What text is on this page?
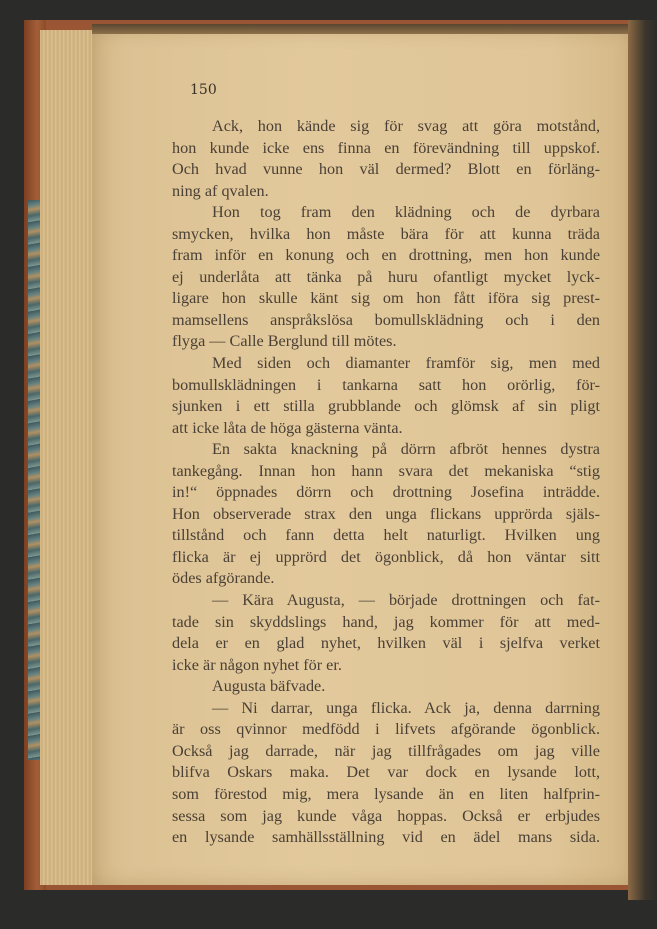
150

Ack, hon kände sig för svag att göra motstånd,
hon kunde icke ens finna en förevändning till uppskof.
Och hvad vunne hon väl dermed? Blott en förläng-
ning af qvalen.
Hon tog fram den klädning och de dyrbara
smycken, hvilka hon måste bära för att kunna träda
fram inför en konung och en drottning, men hon kunde
ej underlåta att tänka på huru ofantligt mycket lyck-
ligare hon skulle känt sig om hon fått iföra sig prest-
mamsellens anspråkslösa bomullsklädning och i den
flyga — Calle Berglund till mötes.
Med siden och diamanter framför sig, men med
bomullsklädningen i tankarna satt hon orörlig, för-
sjunken i ett stilla grubblande och glömsk af sin pligt
att icke låta de höga gästerna vänta.
En sakta knackning på dörrn afbröt hennes dystra
tankegång. Innan hon hann svara det mekaniska “stig
in!“ öppnades dörrn och drottning Josefina inträdde.
Hon observerade strax den unga flickans upprörda själs-
tillstånd och fann detta helt naturligt. Hvilken ung
flicka är ej upprörd det ögonblick, då hon väntar sitt
ödes afgörande.
— Kära Augusta, — började drottningen och fat-
tade sin skyddslings hand, jag kommer för att med-
dela er en glad nyhet, hvilken väl i sjelfva verket
icke är någon nyhet för er.
Augusta bäfvade.
— Ni darrar, unga flicka. Ack ja, denna darrning
är oss qvinnor medfödd i lifvets afgörande ögonblick.
Också jag darrade, när jag tillfrågades om jag ville
blifva Oskars maka. Det var dock en lysande lott,
som förestod mig, mera lysande än en liten halfprin-
sessa som jag kunde våga hoppas. Också er erbjudes
en lysande samhällsställning vid en ädel mans sida.
